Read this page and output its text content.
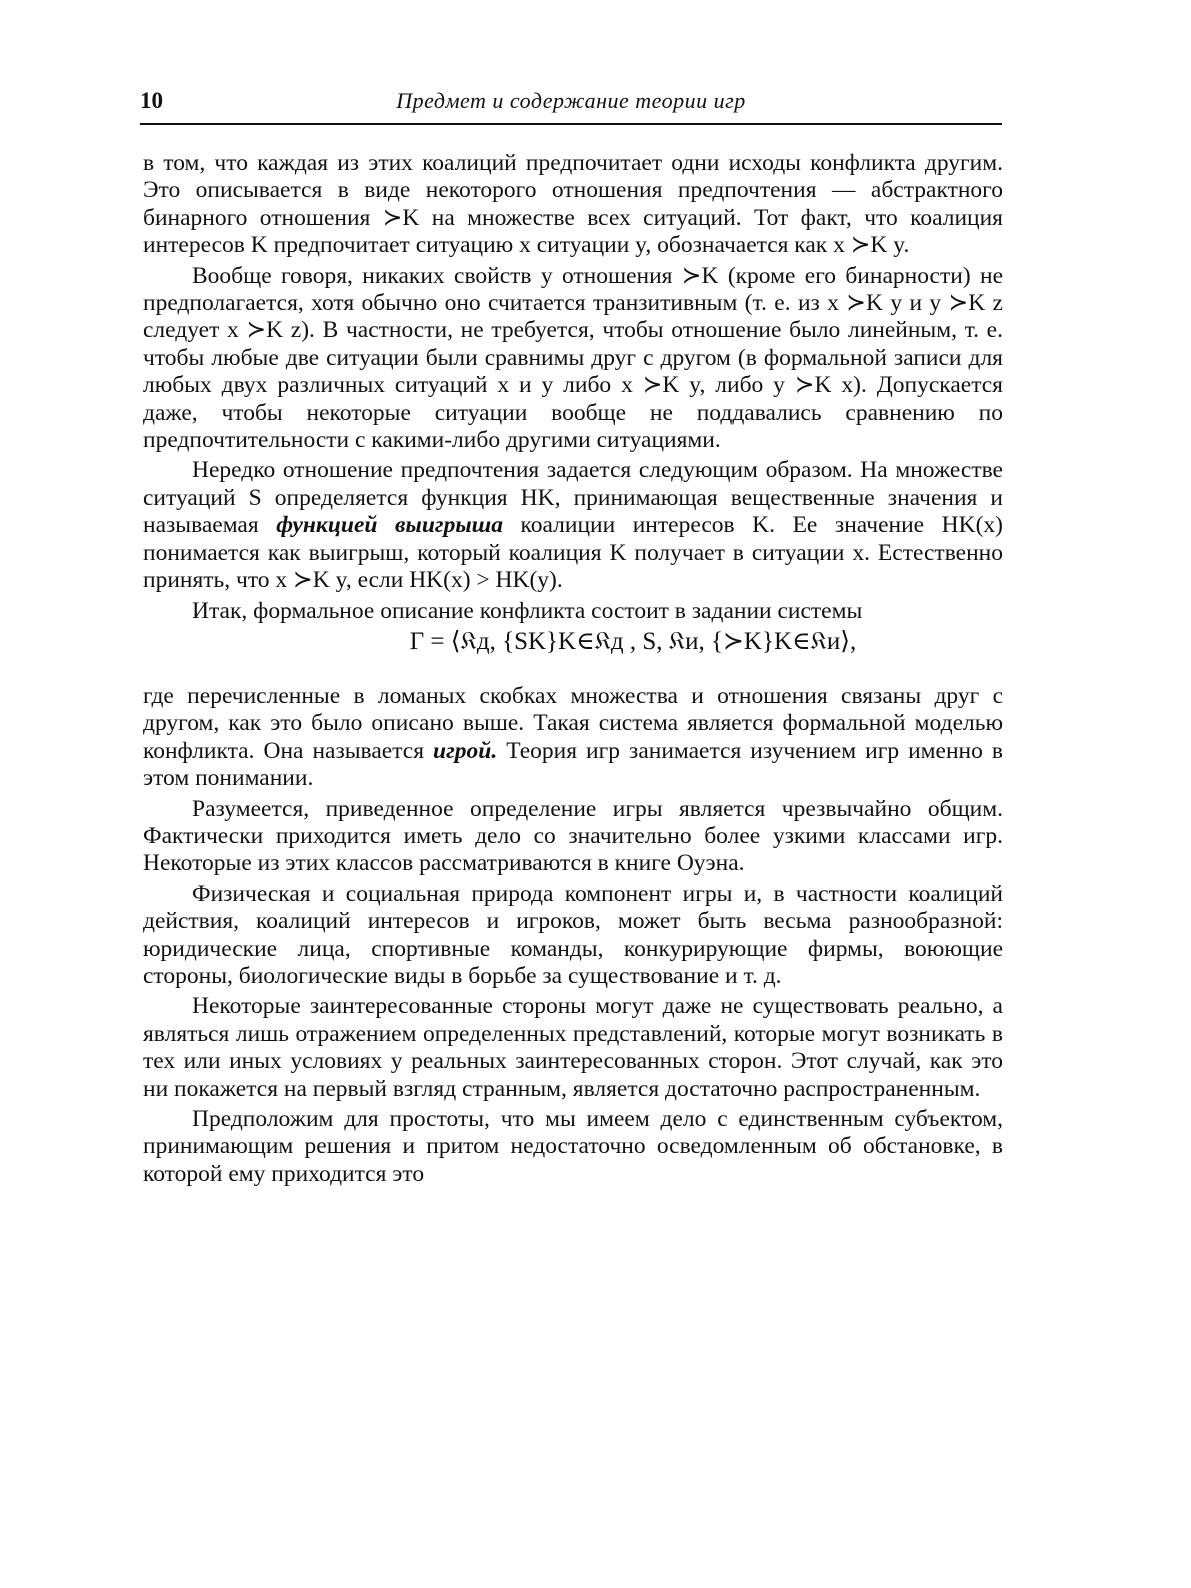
10	Предмет и содержание теории игр

в том, что каждая из этих коалиций предпочитает одни исходы конфликта другим. Это описывается в виде некоторого отношения предпочтения — абстрактного бинарного отношения ≻K на множестве всех ситуаций. Тот факт, что коалиция интересов K предпочитает ситуацию x ситуации y, обозначается как x ≻K y.

Вообще говоря, никаких свойств у отношения ≻K (кроме его бинарности) не предполагается, хотя обычно оно считается транзитивным (т. е. из x ≻K y и y ≻K z следует x ≻K z). В частности, не требуется, чтобы отношение было линейным, т. е. чтобы любые две ситуации были сравнимы друг с другом (в формальной записи для любых двух различных ситуаций x и y либо x ≻K y, либо y ≻K x). Допускается даже, чтобы некоторые ситуации вообще не поддавались сравнению по предпочтительности с какими-либо другими ситуациями.

Нередко отношение предпочтения задается следующим образом. На множестве ситуаций S определяется функция HK, принимающая вещественные значения и называемая функцией выигрыша коалиции интересов K. Ее значение HK(x) понимается как выигрыш, который коалиция K получает в ситуации x. Естественно принять, что x ≻K y, если HK(x) > HK(y).

Итак, формальное описание конфликта состоит в задании системы

Γ = ⟨𝔎д, {SK}K∈𝔎д , S, 𝔎и, {≻K}K∈𝔎и⟩,

где перечисленные в ломаных скобках множества и отношения связаны друг с другом, как это было описано выше. Такая система является формальной моделью конфликта. Она называется игрой. Теория игр занимается изучением игр именно в этом понимании.

Разумеется, приведенное определение игры является чрезвычайно общим. Фактически приходится иметь дело со значительно более узкими классами игр. Некоторые из этих классов рассматриваются в книге Оуэна.

Физическая и социальная природа компонент игры и, в частности коалиций действия, коалиций интересов и игроков, может быть весьма разнообразной: юридические лица, спортивные команды, конкурирующие фирмы, воюющие стороны, биологические виды в борьбе за существование и т. д.

Некоторые заинтересованные стороны могут даже не существовать реально, а являться лишь отражением определенных представлений, которые могут возникать в тех или иных условиях у реальных заинтересованных сторон. Этот случай, как это ни покажется на первый взгляд странным, является достаточно распространенным.

Предположим для простоты, что мы имеем дело с единственным субъектом, принимающим решения и притом недостаточно осведомленным об обстановке, в которой ему приходится это
